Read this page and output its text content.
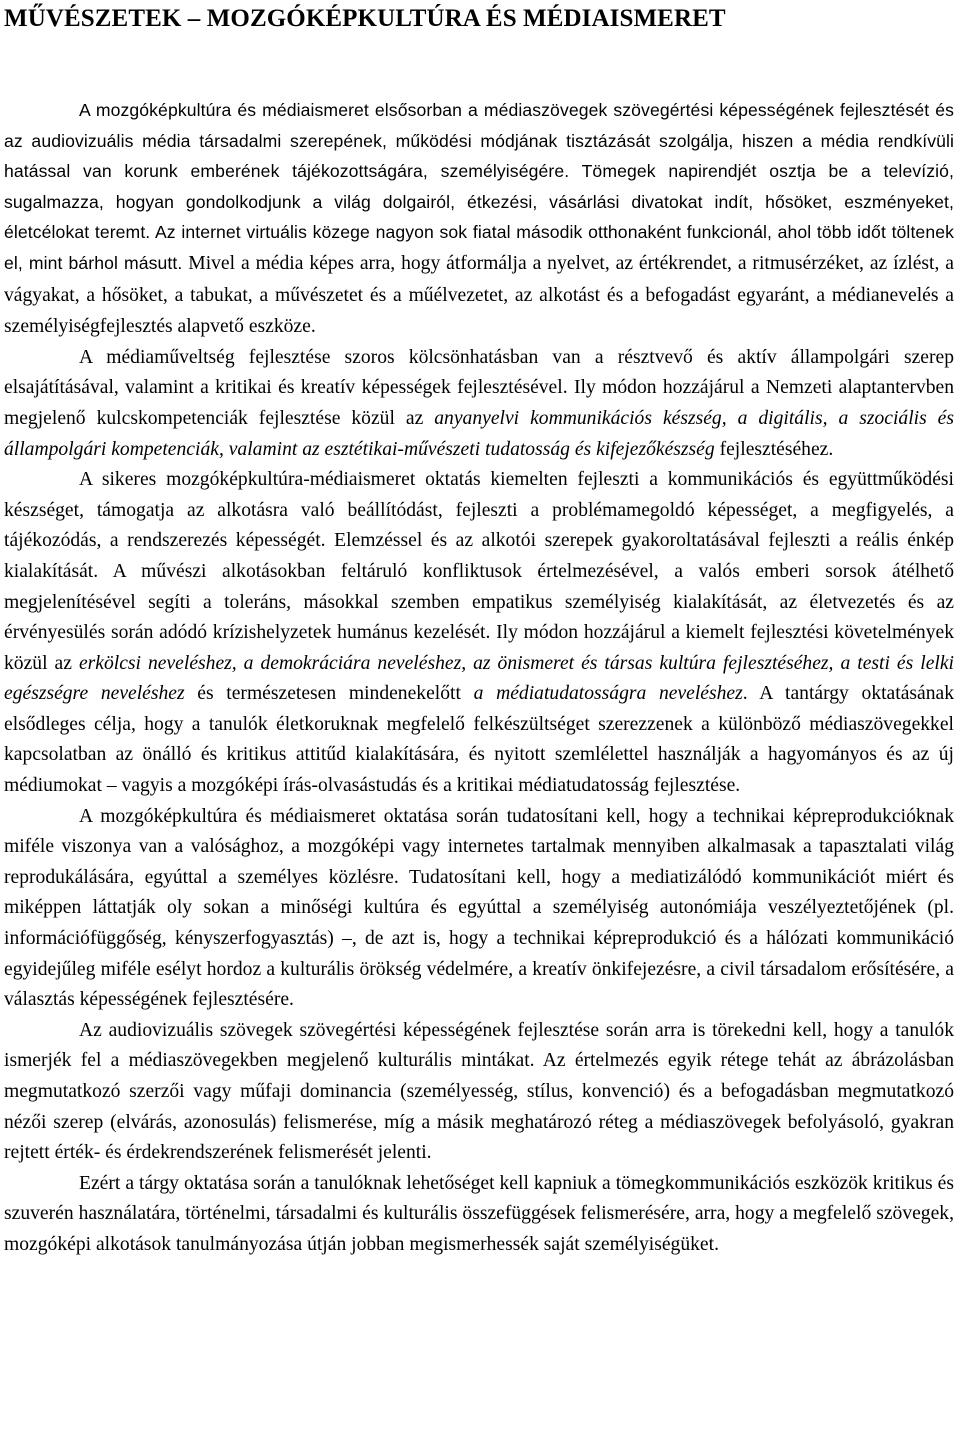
MŰVÉSZETEK – MOZGÓKÉPKULTÚRA ÉS MÉDIAISMERET

A mozgóképkultúra és médiaismeret elsősorban a médiaszövegek szövegértési képességének fejlesztését és az audiovizuális média társadalmi szerepének, működési módjának tisztázását szolgálja, hiszen a média rendkívüli hatással van korunk emberének tájékozottságára, személyiségére. Tömegek napirendjét osztja be a televízió, sugalmazza, hogyan gondolkodjunk a világ dolgairól, étkezési, vásárlási divatokat indít, hősöket, eszményeket, életcélokat teremt. Az internet virtuális közege nagyon sok fiatal második otthonaként funkcionál, ahol több időt töltenek el, mint bárhol másutt. Mivel a média képes arra, hogy átformálja a nyelvet, az értékrendet, a ritmusérzéket, az ízlést, a vágyakat, a hősöket, a tabukat, a művészetet és a műélvezetet, az alkotást és a befogadást egyaránt, a médianevelés a személyiségfejlesztés alapvető eszköze.

A médiaműveltség fejlesztése szoros kölcsönhatásban van a résztvevő és aktív állampolgári szerep elsajátításával, valamint a kritikai és kreatív képességek fejlesztésével. Ily módon hozzájárul a Nemzeti alaptantervben megjelenő kulcskompetenciák fejlesztése közül az anyanyelvi kommunikációs készség, a digitális, a szociális és állampolgári kompetenciák, valamint az esztétikai-művészeti tudatosság és kifejezőkészség fejlesztéséhez.

A sikeres mozgóképkultúra-médiaismeret oktatás kiemelten fejleszti a kommunikációs és együttműködési készséget, támogatja az alkotásra való beállítódást, fejleszti a problémamegoldó képességet, a megfigyelés, a tájékozódás, a rendszerezés képességét. Elemzéssel és az alkotói szerepek gyakoroltatásával fejleszti a reális énkép kialakítását. A művészi alkotásokban feltáruló konfliktusok értelmezésével, a valós emberi sorsok átélhető megjelenítésével segíti a toleráns, másokkal szemben empatikus személyiség kialakítását, az életvezetés és az érvényesülés során adódó krízishelyzetek humánus kezelését. Ily módon hozzájárul a kiemelt fejlesztési követelmények közül az erkölcsi neveléshez, a demokráciára neveléshez, az önismeret és társas kultúra fejlesztéséhez, a testi és lelki egészségre neveléshez és természetesen mindenekelőtt a médiatudatosságra neveléshez. A tantárgy oktatásának elsődleges célja, hogy a tanulók életkoruknak megfelelő felkészültséget szerezzenek a különböző médiaszövegekkel kapcsolatban az önálló és kritikus attitűd kialakítására, és nyitott szemlélettel használják a hagyományos és az új médiumokat – vagyis a mozgóképi írás-olvasástudás és a kritikai médiatudatosság fejlesztése.

A mozgóképkultúra és médiaismeret oktatása során tudatosítani kell, hogy a technikai képreprodukcióknak miféle viszonya van a valósághoz, a mozgóképi vagy internetes tartalmak mennyiben alkalmasak a tapasztalati világ reprodukálására, egyúttal a személyes közlésre. Tudatosítani kell, hogy a mediatizálódó kommunikációt miért és miképpen láttatják oly sokan a minőségi kultúra és egyúttal a személyiség autonómiája veszélyeztetőjének (pl. információfüggőség, kényszerfogyasztás) –, de azt is, hogy a technikai képreprodukció és a hálózati kommunikáció egyidejűleg miféle esélyt hordoz a kulturális örökség védelmére, a kreatív önkifejezésre, a civil társadalom erősítésére, a választás képességének fejlesztésére.

Az audiovizuális szövegek szövegértési képességének fejlesztése során arra is törekedni kell, hogy a tanulók ismerjék fel a médiaszövegekben megjelenő kulturális mintákat. Az értelmezés egyik rétege tehát az ábrázolásban megmutatkozó szerzői vagy műfaji dominancia (személyesség, stílus, konvenció) és a befogadásban megmutatkozó nézői szerep (elvárás, azonosulás) felismerése, míg a másik meghatározó réteg a médiaszövegek befolyásoló, gyakran rejtett érték- és érdekrendszerének felismerését jelenti.

Ezért a tárgy oktatása során a tanulóknak lehetőséget kell kapniuk a tömegkommunikációs eszközök kritikus és szuverén használatára, történelmi, társadalmi és kulturális összefüggések felismerésére, arra, hogy a megfelelő szövegek, mozgóképi alkotások tanulmányozása útján jobban megismerhessék saját személyiségüket.
